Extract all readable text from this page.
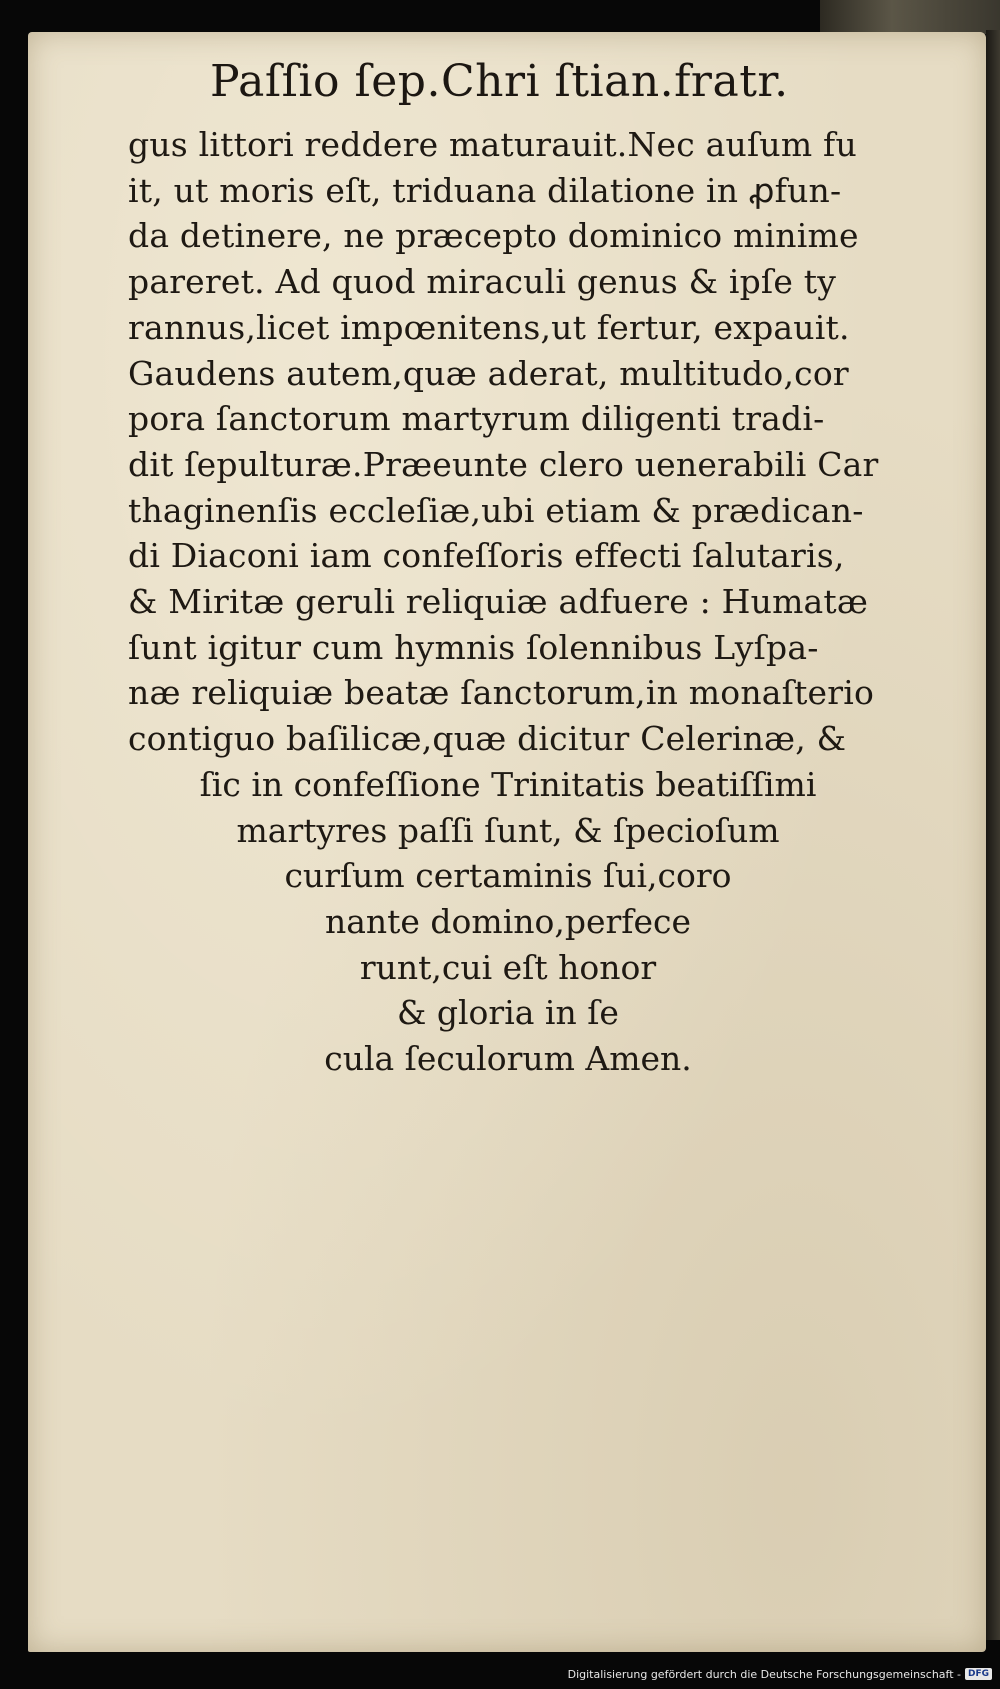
Paſſio ſep.Chri ſtian.fratr.
gus littori reddere maturauit.Nec auſum fu
it, ut moris eſt, triduana dilatione in ꝓfun-
da detinere, ne præcepto dominico minime
pareret. Ad quod miraculi genus & ipſe ty
rannus,licet impœnitens,ut fertur, expauit.
Gaudens autem,quæ aderat, multitudo,cor
pora ſanctorum martyrum diligenti tradi-
dit ſepulturæ.Præeunte clero uenerabili Car
thaginenſis eccleſiæ,ubi etiam & prædican-
di Diaconi iam confeſſoris effecti ſalutaris,
& Miritæ geruli reliquiæ adfuere : Humatæ
ſunt igitur cum hymnis ſolennibus Lyſpa-
næ reliquiæ beatæ ſanctorum,in monaſterio
contiguo baſilicæ,quæ dicitur Celerinæ, &
ſic in confeſſione Trinitatis beatiſſimi
martyres paſſi ſunt, & ſpecioſum
curſum certaminis ſui,coro
nante domino,perfece
runt,cui eſt honor
& gloria in ſe
cula ſeculorum Amen.
Digitalisierung gefördert durch die Deutsche Forschungsgemeinschaft - DFG
